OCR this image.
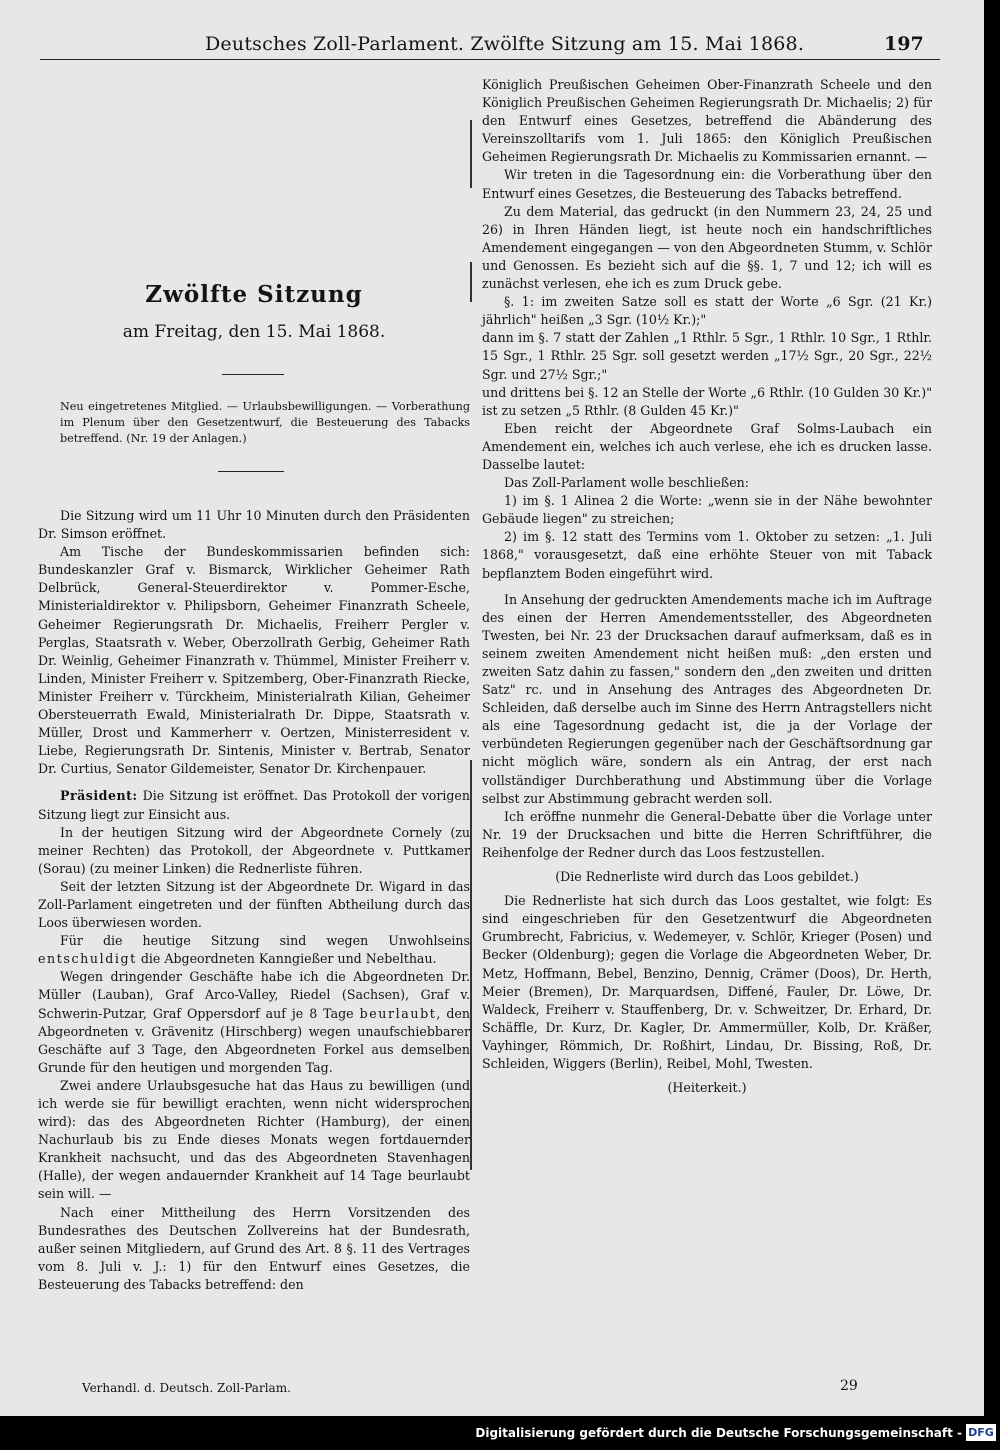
Deutsches Zoll-Parlament. Zwölfte Sitzung am 15. Mai 1868.	197
Zwölfte Sitzung
am Freitag, den 15. Mai 1868.
Neu eingetretenes Mitglied. — Urlaubsbewilligungen. — Vorberathung im Plenum über den Gesetzentwurf, die Besteuerung des Tabacks betreffend. (Nr. 19 der Anlagen.)

Die Sitzung wird um 11 Uhr 10 Minuten durch den Präsidenten Dr. Simson eröffnet.

Am Tische der Bundeskommissarien befinden sich: Bundeskanzler Graf v. Bismarck, Wirklicher Geheimer Rath Delbrück, General-Steuerdirektor v. Pommer-Esche, Ministerialdirektor v. Philipsborn, Geheimer Finanzrath Scheele, Geheimer Regierungsrath Dr. Michaelis, Freiherr Pergler v. Perglas, Staatsrath v. Weber, Oberzollrath Gerbig, Geheimer Rath Dr. Weinlig, Geheimer Finanzrath v. Thümmel, Minister Freiherr v. Linden, Minister Freiherr v. Spitzemberg, Ober-Finanzrath Riecke, Minister Freiherr v. Türckheim, Ministerialrath Kilian, Geheimer Obersteuerrath Ewald, Ministerialrath Dr. Dippe, Staatsrath v. Müller, Drost und Kammerherr v. Oertzen, Ministerresident v. Liebe, Regierungsrath Dr. Sintenis, Minister v. Bertrab, Senator Dr. Curtius, Senator Gildemeister, Senator Dr. Kirchenpauer.

Präsident: Die Sitzung ist eröffnet. Das Protokoll der vorigen Sitzung liegt zur Einsicht aus.

In der heutigen Sitzung wird der Abgeordnete Cornely (zu meiner Rechten) das Protokoll, der Abgeordnete v. Puttkamer (Sorau) (zu meiner Linken) die Rednerliste führen.

Seit der letzten Sitzung ist der Abgeordnete Dr. Wigard in das Zoll-Parlament eingetreten und der fünften Abtheilung durch das Loos überwiesen worden.

Für die heutige Sitzung sind wegen Unwohlseins entschuldigt die Abgeordneten Kanngießer und Nebelthau.

Wegen dringender Geschäfte habe ich die Abgeordneten Dr. Müller (Lauban), Graf Arco-Valley, Riedel (Sachsen), Graf v. Schwerin-Putzar, Graf Oppersdorf auf je 8 Tage beurlaubt, den Abgeordneten v. Grävenitz (Hirschberg) wegen unaufschiebbarer Geschäfte auf 3 Tage, den Abgeordneten Forkel aus demselben Grunde für den heutigen und morgenden Tag.

Zwei andere Urlaubsgesuche hat das Haus zu bewilligen (und ich werde sie für bewilligt erachten, wenn nicht widersprochen wird): das des Abgeordneten Richter (Hamburg), der einen Nachurlaub bis zu Ende dieses Monats wegen fortdauernder Krankheit nachsucht, und das des Abgeordneten Stavenhagen (Halle), der wegen andauernder Krankheit auf 14 Tage beurlaubt sein will. —

Nach einer Mittheilung des Herrn Vorsitzenden des Bundesrathes des Deutschen Zollvereins hat der Bundesrath, außer seinen Mitgliedern, auf Grund des Art. 8 §. 11 des Vertrages vom 8. Juli v. J.: 1) für den Entwurf eines Gesetzes, die Besteuerung des Tabacks betreffend: den

Verhandl. d. Deutsch. Zoll-Parlam.

Königlich Preußischen Geheimen Ober-Finanzrath Scheele und den Königlich Preußischen Geheimen Regierungsrath Dr. Michaelis; 2) für den Entwurf eines Gesetzes, betreffend die Abänderung des Vereinszolltarifs vom 1. Juli 1865: den Königlich Preußischen Geheimen Regierungsrath Dr. Michaelis zu Kommissarien ernannt. —

Wir treten in die Tagesordnung ein: die Vorberathung über den Entwurf eines Gesetzes, die Besteuerung des Tabacks betreffend.

Zu dem Material, das gedruckt (in den Nummern 23, 24, 25 und 26) in Ihren Händen liegt, ist heute noch ein handschriftliches Amendement eingegangen — von den Abgeordneten Stumm, v. Schlör und Genossen. Es bezieht sich auf die §§. 1, 7 und 12; ich will es zunächst verlesen, ehe ich es zum Druck gebe.

§. 1: im zweiten Satze soll es statt der Worte „6 Sgr. (21 Kr.) jährlich" heißen „3 Sgr. (10½ Kr.);"

dann im §. 7 statt der Zahlen „1 Rthlr. 5 Sgr., 1 Rthlr. 10 Sgr., 1 Rthlr. 15 Sgr., 1 Rthlr. 25 Sgr. soll gesetzt werden „17½ Sgr., 20 Sgr., 22½ Sgr. und 27½ Sgr.;"

und drittens bei §. 12 an Stelle der Worte „6 Rthlr. (10 Gulden 30 Kr.)" ist zu setzen „5 Rthlr. (8 Gulden 45 Kr.)"

Eben reicht der Abgeordnete Graf Solms-Laubach ein Amendement ein, welches ich auch verlese, ehe ich es drucken lasse. Dasselbe lautet:

Das Zoll-Parlament wolle beschließen:

1) im §. 1 Alinea 2 die Worte: „wenn sie in der Nähe bewohnter Gebäude liegen" zu streichen;

2) im §. 12 statt des Termins vom 1. Oktober zu setzen: „1. Juli 1868," vorausgesetzt, daß eine erhöhte Steuer von mit Taback bepflanztem Boden eingeführt wird.

In Ansehung der gedruckten Amendements mache ich im Auftrage des einen der Herren Amendementssteller, des Abgeordneten Twesten, bei Nr. 23 der Drucksachen darauf aufmerksam, daß es in seinem zweiten Amendement nicht heißen muß: „den ersten und zweiten Satz dahin zu fassen," sondern den „den zweiten und dritten Satz" rc. und in Ansehung des Antrages des Abgeordneten Dr. Schleiden, daß derselbe auch im Sinne des Herrn Antragstellers nicht als eine Tagesordnung gedacht ist, die ja der Vorlage der verbündeten Regierungen gegenüber nach der Geschäftsordnung gar nicht möglich wäre, sondern als ein Antrag, der erst nach vollständiger Durchberathung und Abstimmung über die Vorlage selbst zur Abstimmung gebracht werden soll.

Ich eröffne nunmehr die General-Debatte über die Vorlage unter Nr. 19 der Drucksachen und bitte die Herren Schriftführer, die Reihenfolge der Redner durch das Loos festzustellen.

(Die Rednerliste wird durch das Loos gebildet.)

Die Rednerliste hat sich durch das Loos gestaltet, wie folgt: Es sind eingeschrieben für den Gesetzentwurf die Abgeordneten Grumbrecht, Fabricius, v. Wedemeyer, v. Schlör, Krieger (Posen) und Becker (Oldenburg); gegen die Vorlage die Abgeordneten Weber, Dr. Metz, Hoffmann, Bebel, Benzino, Dennig, Crämer (Doos), Dr. Herth, Meier (Bremen), Dr. Marquardsen, Diffené, Fauler, Dr. Löwe, Dr. Waldeck, Freiherr v. Stauffenberg, Dr. v. Schweitzer, Dr. Erhard, Dr. Schäffle, Dr. Kurz, Dr. Kagler, Dr. Ammermüller, Kolb, Dr. Kräßer, Vayhinger, Römmich, Dr. Roßhirt, Lindau, Dr. Bissing, Roß, Dr. Schleiden, Wiggers (Berlin), Reibel, Mohl, Twesten.

(Heiterkeit.)

29
Digitalisierung gefördert durch die Deutsche Forschungsgemeinschaft - DFG
